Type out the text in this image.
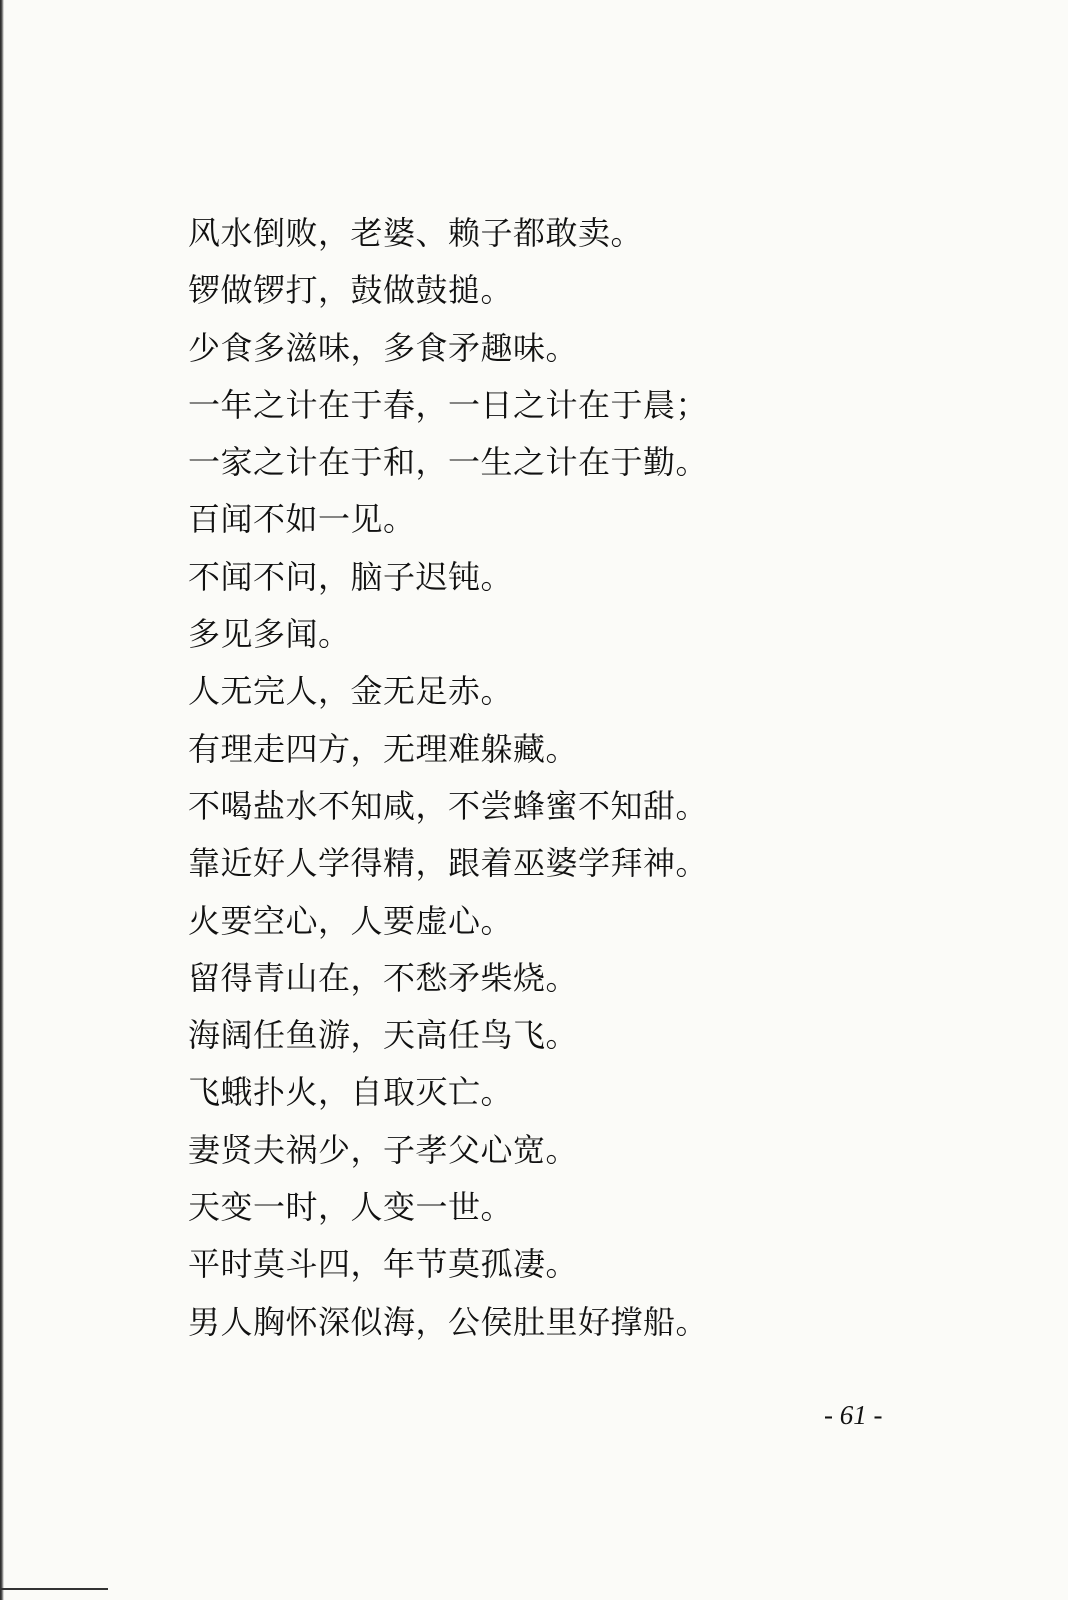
风水倒败，老婆、赖子都敢卖。
锣做锣打，鼓做鼓搥。
少食多滋味，多食矛趣味。
一年之计在于春，一日之计在于晨；
一家之计在于和，一生之计在于勤。
百闻不如一见。
不闻不问，脑子迟钝。
多见多闻。
人无完人，金无足赤。
有理走四方，无理难躲藏。
不喝盐水不知咸，不尝蜂蜜不知甜。
靠近好人学得精，跟着巫婆学拜神。
火要空心，人要虚心。
留得青山在，不愁矛柴烧。
海阔任鱼游，天高任鸟飞。
飞蛾扑火，自取灭亡。
妻贤夫祸少，子孝父心宽。
天变一时，人变一世。
平时莫斗四，年节莫孤凄。
男人胸怀深似海，公侯肚里好撑船。
- 61 -
